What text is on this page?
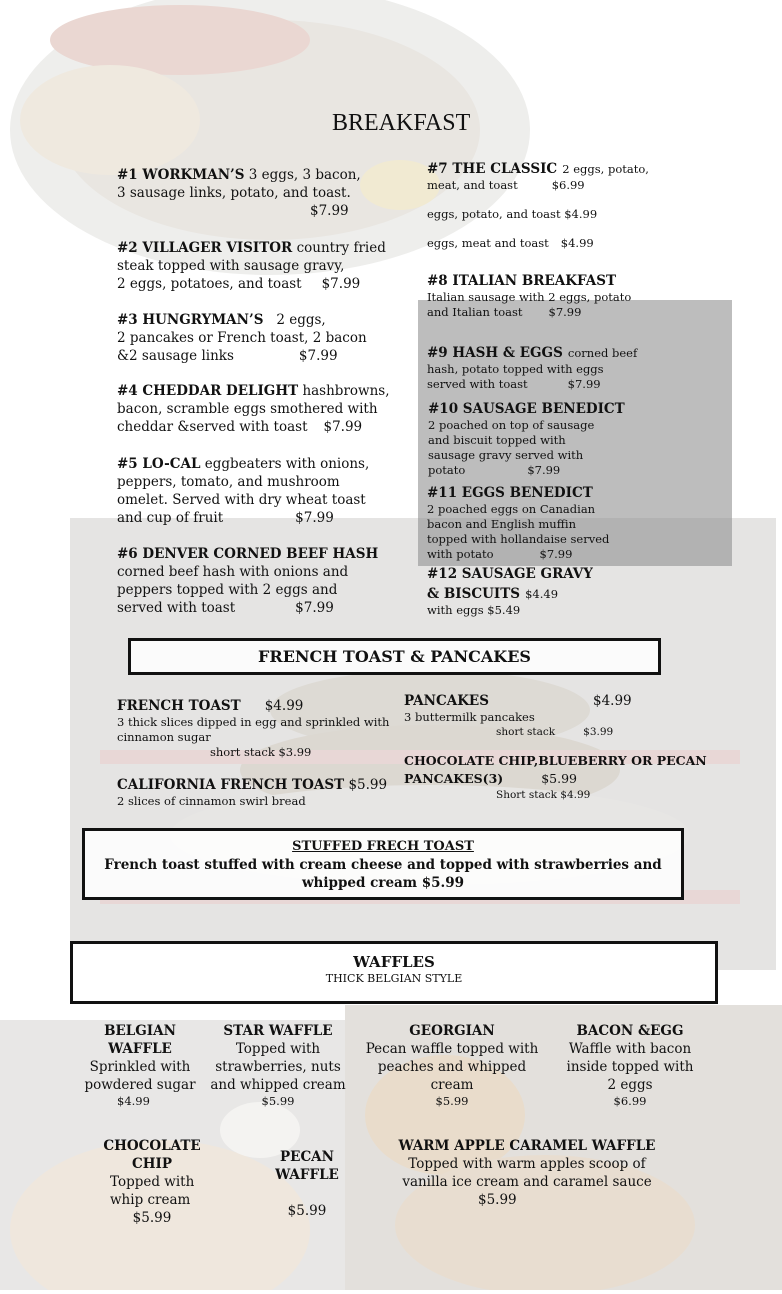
BREAKFAST
#1 WORKMAN’S 3 eggs, 3 bacon,
3 sausage links, potato, and toast.
$7.99
#2 VILLAGER VISITOR country fried
steak topped with sausage gravy,
2 eggs, potatoes, and toast $7.99
#3 HUNGRYMAN’S 2 eggs,
2 pancakes or French toast, 2 bacon
&2 sausage links	$7.99
#4 CHEDDAR DELIGHT hashbrowns,
bacon, scramble eggs smothered with
cheddar &served with toast $7.99
#5 LO-CAL eggbeaters with onions,
peppers, tomato, and mushroom
omelet. Served with dry wheat toast
and cup of fruit	$7.99
#6 DENVER CORNED BEEF HASH
corned beef hash with onions and
peppers topped with 2 eggs and
served with toast	$7.99
#7 THE CLASSIC 2 eggs, potato,
meat, and toast	$6.99
eggs, potato, and toast $4.99
eggs, meat and toast $4.99
#8 ITALIAN BREAKFAST
Italian sausage with 2 eggs, potato
and Italian toast $7.99
#9 HASH & EGGS corned beef
hash, potato topped with eggs
served with toast	$7.99
#10 SAUSAGE BENEDICT
2 poached on top of sausage
and biscuit topped with
sausage gravy served with
potato	$7.99
#11 EGGS BENEDICT
2 poached eggs on Canadian
bacon and English muffin
topped with hollandaise served
with potato	$7.99
#12 SAUSAGE GRAVY
& BISCUITS $4.49
with eggs $5.49
FRENCH TOAST & PANCAKES
FRENCH TOAST $4.99
3 thick slices dipped in egg and sprinkled with
cinnamon sugar
short stack $3.99
CALIFORNIA FRENCH TOAST $5.99
2 slices of cinnamon swirl bread
PANCAKES	$4.99
3 buttermilk pancakes
short stack	$3.99
CHOCOLATE CHIP,BLUEBERRY OR PECAN
PANCAKES(3)	$5.99
Short stack $4.99
STUFFED FRECH TOAST
French toast stuffed with cream cheese and topped with strawberries and
whipped cream $5.99
WAFFLES
THICK BELGIAN STYLE
BELGIAN
WAFFLE
Sprinkled with
powdered sugar
$4.99
STAR WAFFLE
Topped with
strawberries, nuts
and whipped cream
$5.99
GEORGIAN
Pecan waffle topped with
peaches and whipped
cream
$5.99
BACON &EGG
Waffle with bacon
inside topped with
2 eggs
$6.99
CHOCOLATE
CHIP
Topped with
whip cream
$5.99
PECAN
WAFFLE
$5.99
WARM APPLE CARAMEL WAFFLE
Topped with warm apples scoop of
vanilla ice cream and caramel sauce
$5.99
